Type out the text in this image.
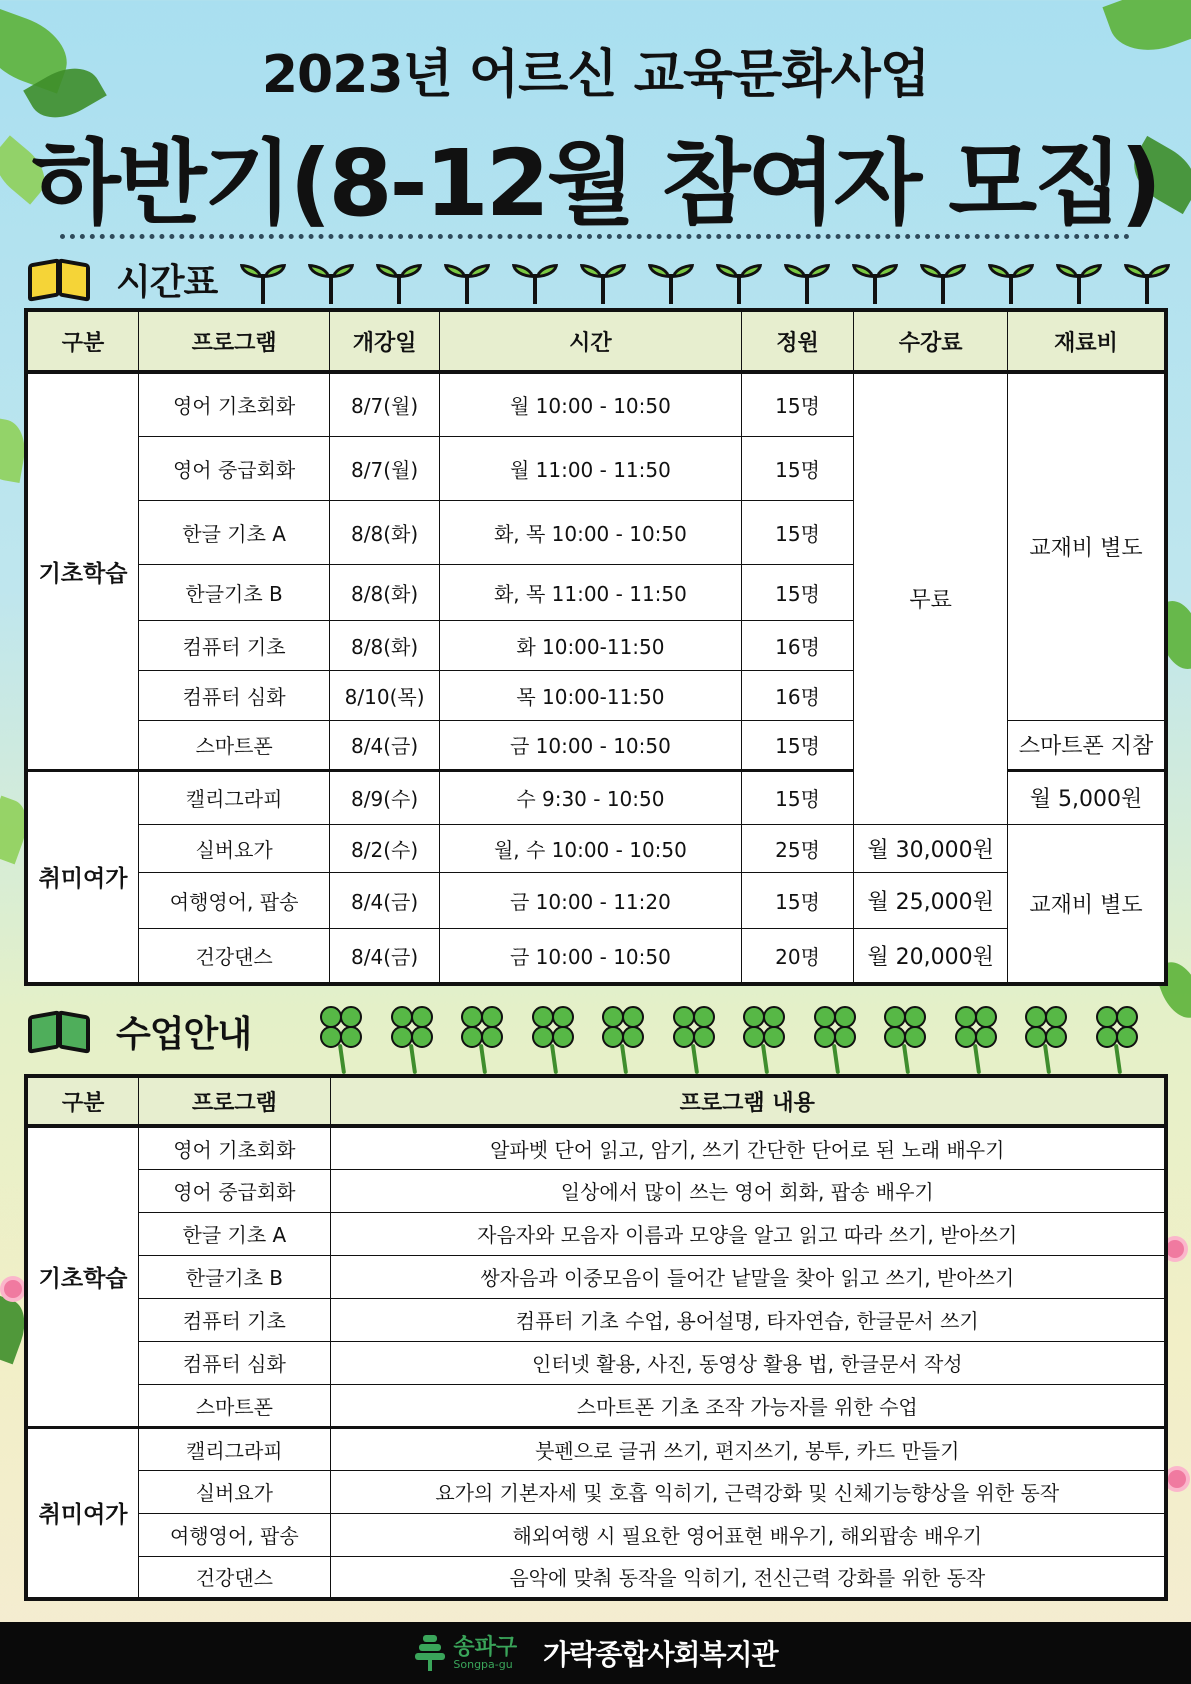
2023년 어르신 교육문화사업
하반기(8-12월 참여자 모집)
시간표
구분	프로그램	개강일	시간	정원	수강료	재료비
기초학습	영어 기초회화	8/7(월)	월 10:00 - 10:50	15명	무료	교재비 별도
	영어 중급회화	8/7(월)	월 11:00 - 11:50	15명		
	한글 기초 A	8/8(화)	화, 목 10:00 - 10:50	15명		
	한글기초 B	8/8(화)	화, 목 11:00 - 11:50	15명		
	컴퓨터 기초	8/8(화)	화 10:00-11:50	16명		
	컴퓨터 심화	8/10(목)	목 10:00-11:50	16명		
	스마트폰	8/4(금)	금 10:00 - 10:50	15명		스마트폰 지참
취미여가	캘리그라피	8/9(수)	수 9:30 - 10:50	15명		월 5,000원
	실버요가	8/2(수)	월, 수 10:00 - 10:50	25명	월 30,000원	교재비 별도
	여행영어, 팝송	8/4(금)	금 10:00 - 11:20	15명	월 25,000원	
	건강댄스	8/4(금)	금 10:00 - 10:50	20명	월 20,000원	
수업안내
구분	프로그램	프로그램 내용
기초학습	영어 기초회화	알파벳 단어 읽고, 암기, 쓰기 간단한 단어로 된 노래 배우기
	영어 중급회화	일상에서 많이 쓰는 영어 회화, 팝송 배우기
	한글 기초 A	자음자와 모음자 이름과 모양을 알고 읽고 따라 쓰기, 받아쓰기
	한글기초 B	쌍자음과 이중모음이 들어간 낱말을 찾아 읽고 쓰기, 받아쓰기
	컴퓨터 기초	컴퓨터 기초 수업, 용어설명, 타자연습, 한글문서 쓰기
	컴퓨터 심화	인터넷 활용, 사진, 동영상 활용 법, 한글문서 작성
	스마트폰	스마트폰 기초 조작 가능자를 위한 수업
취미여가	캘리그라피	붓펜으로 글귀 쓰기, 편지쓰기, 봉투, 카드 만들기
	실버요가	요가의 기본자세 및 호흡 익히기, 근력강화 및 신체기능향상을 위한 동작
	여행영어, 팝송	해외여행 시 필요한 영어표현 배우기, 해외팝송 배우기
	건강댄스	음악에 맞춰 동작을 익히기, 전신근력 강화를 위한 동작
송파구
Songpa-gu 가락종합사회복지관
